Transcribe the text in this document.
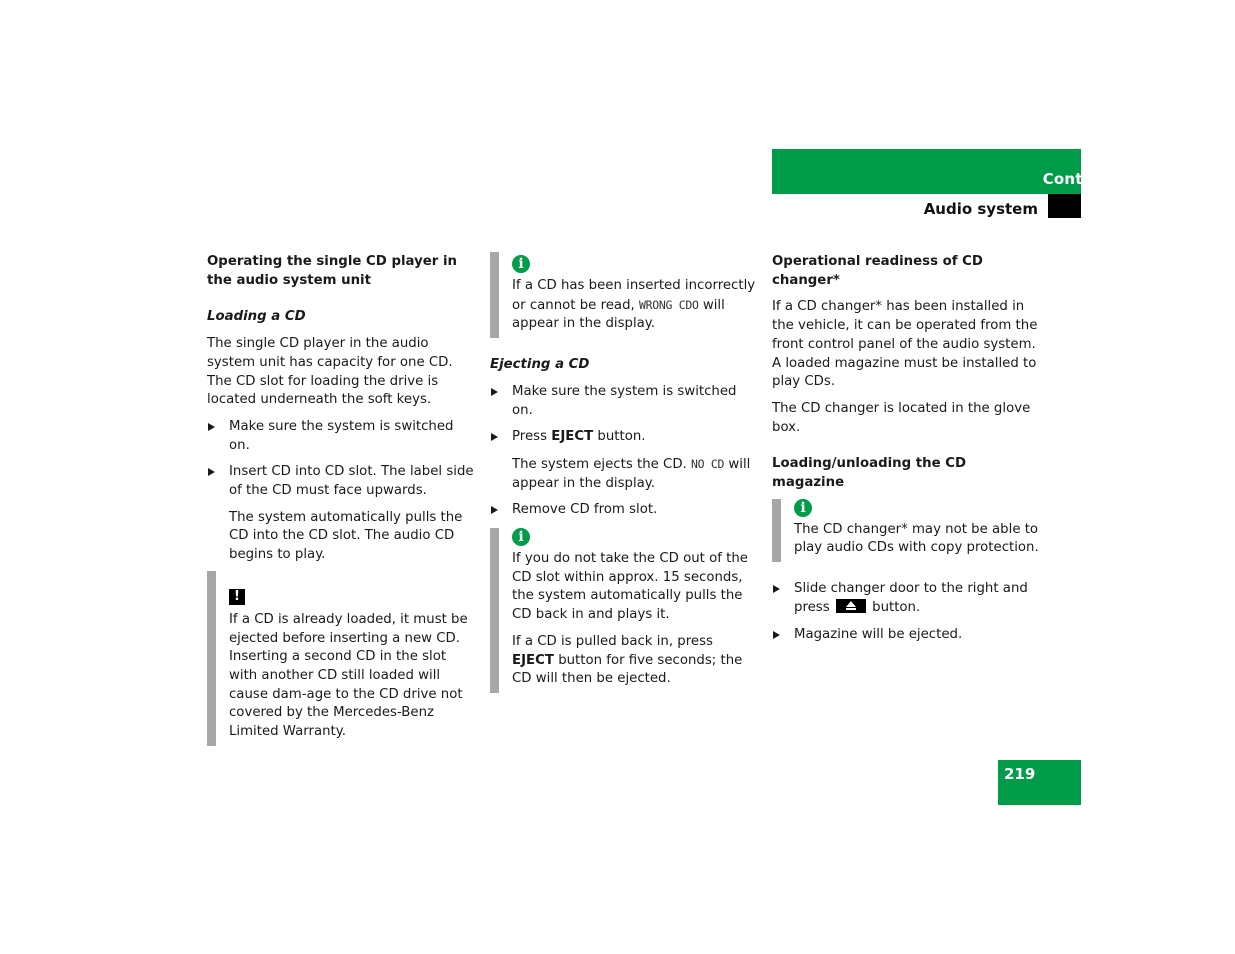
Controls in detail
Audio system

Operating the single CD player in the audio system unit

Loading a CD

The single CD player in the audio system unit has capacity for one CD. The CD slot for loading the drive is located underneath the soft keys.

Make sure the system is switched on.

Insert CD into CD slot. The label side of the CD must face upwards.

The system automatically pulls the CD into the CD slot. The audio CD begins to play.

!

If a CD is already loaded, it must be ejected before inserting a new CD. Inserting a second CD in the slot with another CD still loaded will cause dam-age to the CD drive not covered by the Mercedes-Benz Limited Warranty.

i

If a CD has been inserted incorrectly or cannot be read, WRONG CDO will appear in the display.

Ejecting a CD

Make sure the system is switched on.

Press EJECT button.

The system ejects the CD. NO CD will appear in the display.

Remove CD from slot.

i

If you do not take the CD out of the CD slot within approx. 15 seconds, the system automatically pulls the CD back in and plays it.

If a CD is pulled back in, press EJECT button for five seconds; the CD will then be ejected.

Operational readiness of CD changer*

If a CD changer* has been installed in the vehicle, it can be operated from the front control panel of the audio system.

A loaded magazine must be installed to play CDs.

The CD changer is located in the glove box.

Loading/unloading the CD magazine

i

The CD changer* may not be able to play audio CDs with copy protection.

Slide changer door to the right and press	button.

Magazine will be ejected.

219
